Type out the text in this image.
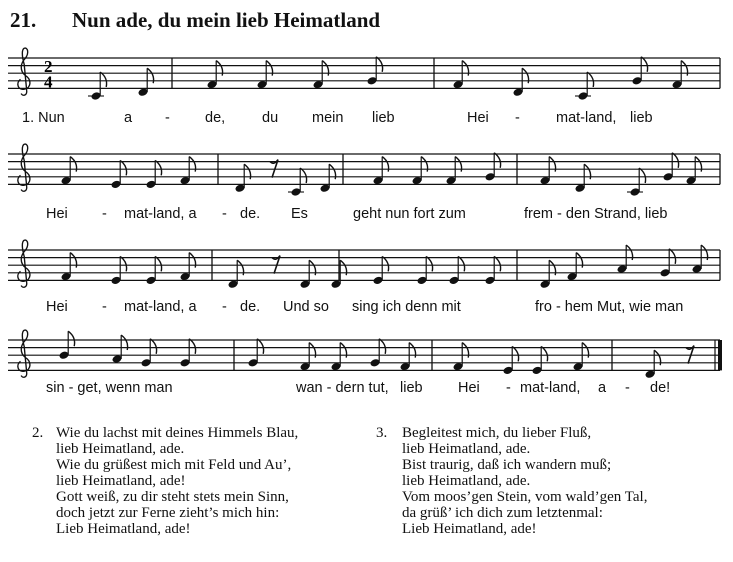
21. Nun ade, du mein lieb Heimatland
2
4
1. Nun	a - de,	du mein lieb	Hei - mat-land, lieb
Hei - mat-land, a - de. Es	geht nun fort zum	frem - den Strand, lieb
Hei - mat-land, a - de. Und so sing ich denn mit	fro - hem Mut, wie man
sin - get, wenn man	wan - dern tut, lieb Hei - mat-land, a - de!
2. Wie du lachst mit deines Himmels Blau,
lieb Heimatland, ade.
Wie du grüßest mich mit Feld und Au’,
lieb Heimatland, ade!
Gott weiß, zu dir steht stets mein Sinn,
doch jetzt zur Ferne zieht’s mich hin:
Lieb Heimatland, ade!
3. Begleitest mich, du lieber Fluß,
lieb Heimatland, ade.
Bist traurig, daß ich wandern muß;
lieb Heimatland, ade.
Vom moos’gen Stein, vom wald’gen Tal,
da grüß’ ich dich zum letztenmal:
Lieb Heimatland, ade!
